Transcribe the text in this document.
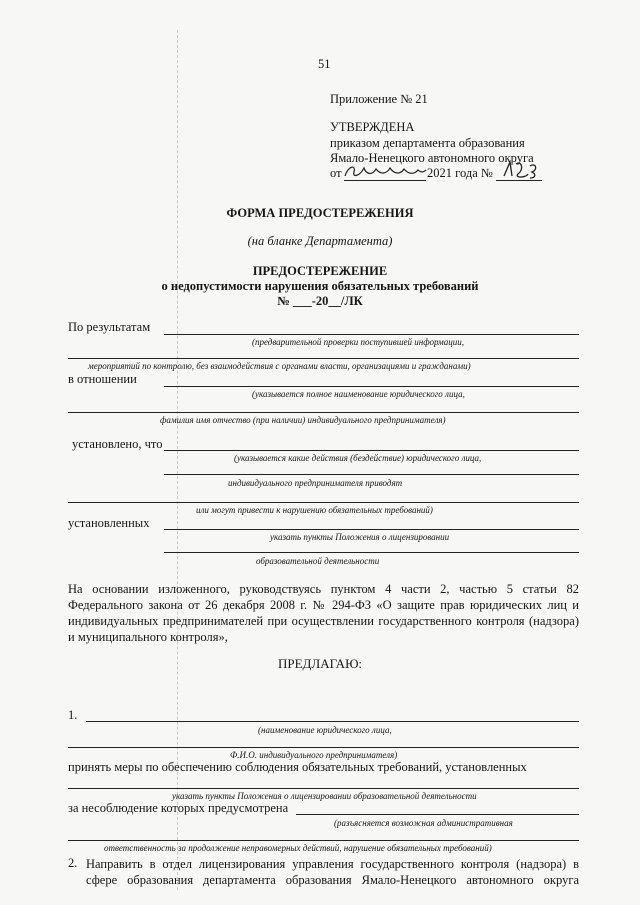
51
Приложение № 21
УТВЕРЖДЕНА
приказом департамента образования
Ямало-Ненецкого автономного округа
от	2021 года №
ФОРМА ПРЕДОСТЕРЕЖЕНИЯ
(на бланке Департамента)
ПРЕДОСТЕРЕЖЕНИЕ
о недопустимости нарушения обязательных требований
№ ___-20__/ЛК
По результатам
(предварительной проверки поступившей информации,
мероприятий по контролю, без взаимодействия с органами власти, организациями и гражданами)
в отношении
(указывается полное наименование юридического лица,
фамилия имя отчество (при наличии) индивидуального предпринимателя)
установлено, что
(указывается какие действия (бездействие) юридического лица,
индивидуального предпринимателя приводят
или могут привести к нарушению обязательных требований)
установленных
указать пункты Положения о лицензировании
образовательной деятельности
На основании изложенного, руководствуясь пунктом 4 части 2, частью 5 статьи 82 Федерального закона от 26 декабря 2008 г. № 294-ФЗ «О защите прав юридических лиц и индивидуальных предпринимателей при осуществлении государственного контроля (надзора) и муниципального контроля»,
ПРЕДЛАГАЮ:
1.
(наименование юридического лица,
Ф.И.О. индивидуального предпринимателя)
принять меры по обеспечению соблюдения обязательных требований, установленных
указать пункты Положения о лицензировании образовательной деятельности
за несоблюдение которых предусмотрена
(разъясняется возможная административная
ответственность за продолжение неправомерных действий, нарушение обязательных требований)
2. Направить в отдел лицензирования управления государственного контроля (надзора) в сфере образования департамента образования Ямало-Ненецкого автономного округа
